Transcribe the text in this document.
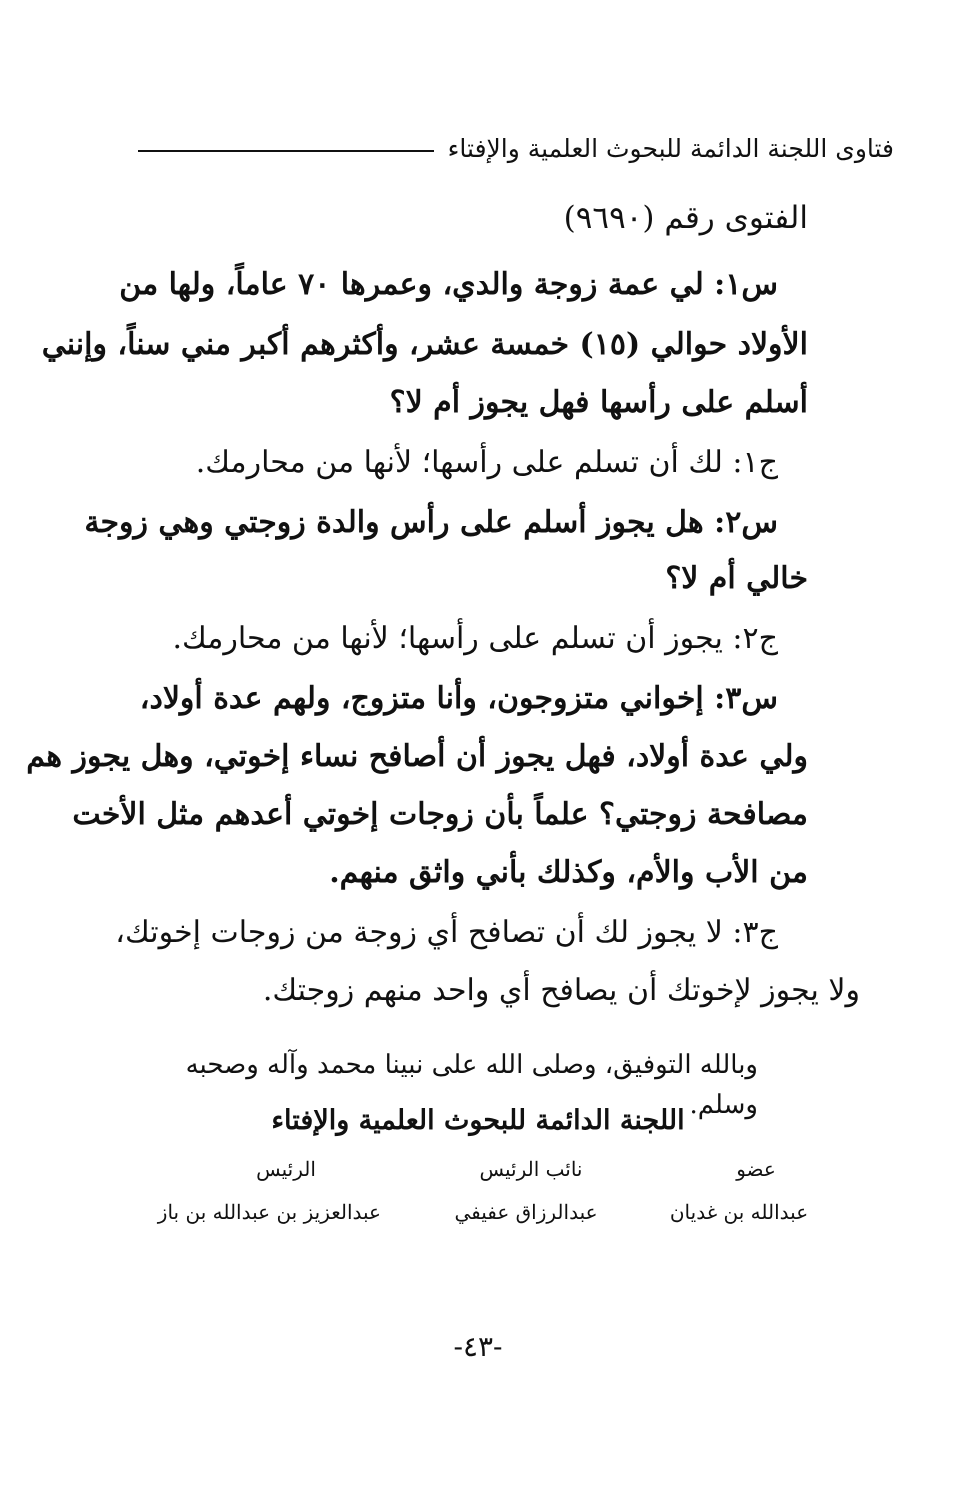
فتاوى اللجنة الدائمة للبحوث العلمية والإفتاء
الفتوى رقم (٩٦٩٠)
س١: لي عمة زوجة والدي، وعمرها ٧٠ عاماً، ولها من
الأولاد حوالي (١٥) خمسة عشر، وأكثرهم أكبر مني سناً، وإنني
أسلم على رأسها فهل يجوز أم لا؟
ج١: لك أن تسلم على رأسها؛ لأنها من محارمك.
س٢: هل يجوز أسلم على رأس والدة زوجتي وهي زوجة
خالي أم لا؟
ج٢: يجوز أن تسلم على رأسها؛ لأنها من محارمك.
س٣: إخواني متزوجون، وأنا متزوج، ولهم عدة أولاد،
ولي عدة أولاد، فهل يجوز أن أصافح نساء إخوتي، وهل يجوز هم
مصافحة زوجتي؟ علماً بأن زوجات إخوتي أعدهم مثل الأخت
من الأب والأم، وكذلك بأني واثق منهم.
ج٣: لا يجوز لك أن تصافح أي زوجة من زوجات إخوتك،
ولا يجوز لإخوتك أن يصافح أي واحد منهم زوجتك.
وبالله التوفيق، وصلى الله على نبينا محمد وآله وصحبه وسلم.
اللجنة الدائمة للبحوث العلمية والإفتاء
عضو
عبدالله بن غديان
نائب الرئيس
عبدالرزاق عفيفي
الرئيس
عبدالعزيز بن عبدالله بن باز
-٤٣-
